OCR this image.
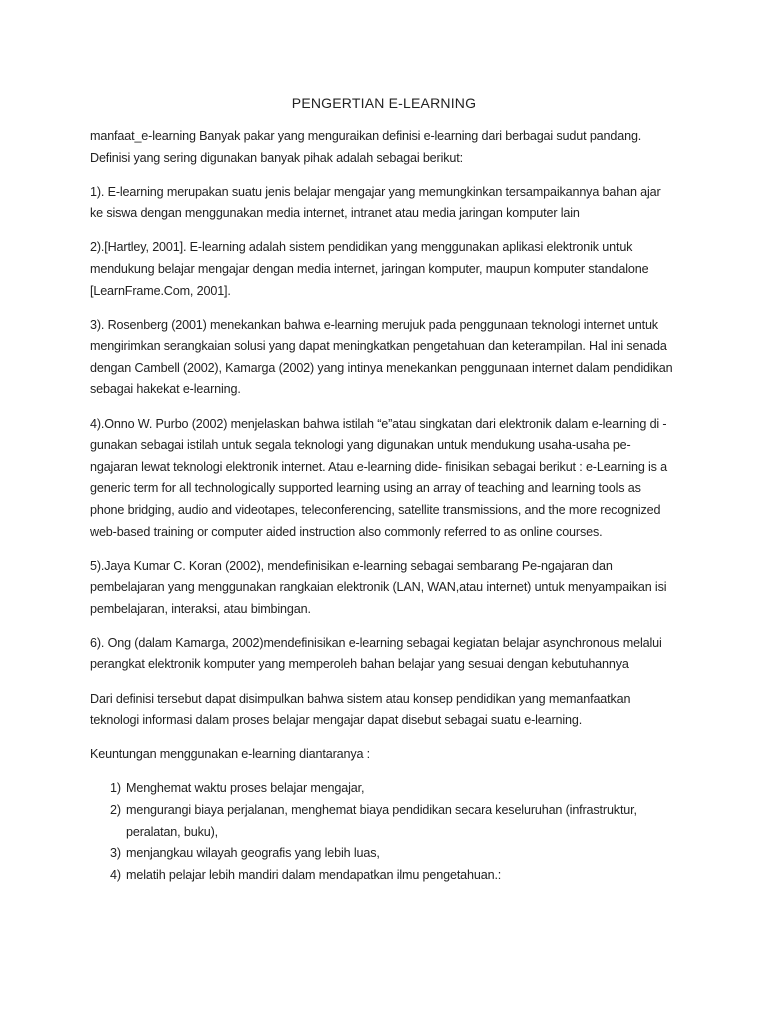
PENGERTIAN E-LEARNING

manfaat_e-learning Banyak pakar yang menguraikan definisi e-learning dari berbagai sudut pandang.
Definisi yang sering digunakan banyak pihak adalah sebagai berikut:

1). E-learning merupakan suatu jenis belajar mengajar yang memungkinkan tersampaikannya bahan ajar
ke siswa dengan menggunakan media internet, intranet atau media jaringan komputer lain

2).[Hartley, 2001]. E-learning adalah sistem pendidikan yang menggunakan aplikasi elektronik untuk
mendukung belajar mengajar dengan media internet, jaringan komputer, maupun komputer standalone
[LearnFrame.Com, 2001].

3). Rosenberg (2001) menekankan bahwa e-learning merujuk pada penggunaan teknologi internet untuk
mengirimkan serangkaian solusi yang dapat meningkatkan pengetahuan dan keterampilan. Hal ini senada
dengan Cambell (2002), Kamarga (2002) yang intinya menekankan penggunaan internet dalam pendidikan
sebagai hakekat e-learning.

4).Onno W. Purbo (2002) menjelaskan bahwa istilah “e”atau singkatan dari elektronik dalam e-learning di -
gunakan sebagai istilah untuk segala teknologi yang digunakan untuk mendukung usaha-usaha pe-
ngajaran lewat teknologi elektronik internet. Atau e-learning dide- finisikan sebagai berikut : e-Learning is a
generic term for all technologically supported learning using an array of teaching and learning tools as
phone bridging, audio and videotapes, teleconferencing, satellite transmissions, and the more recognized
web-based training or computer aided instruction also commonly referred to as online courses.

5).Jaya Kumar C. Koran (2002), mendefinisikan e-learning sebagai sembarang Pe-ngajaran dan
pembelajaran yang menggunakan rangkaian elektronik (LAN, WAN,atau internet) untuk menyampaikan isi
pembelajaran, interaksi, atau bimbingan.

6). Ong (dalam Kamarga, 2002)mendefinisikan e-learning sebagai kegiatan belajar asynchronous melalui
perangkat elektronik komputer yang memperoleh bahan belajar yang sesuai dengan kebutuhannya

Dari definisi tersebut dapat disimpulkan bahwa sistem atau konsep pendidikan yang memanfaatkan
teknologi informasi dalam proses belajar mengajar dapat disebut sebagai suatu e-learning.

Keuntungan menggunakan e-learning diantaranya :

1) Menghemat waktu proses belajar mengajar,
2) mengurangi biaya perjalanan, menghemat biaya pendidikan secara keseluruhan (infrastruktur,
peralatan, buku),
3) menjangkau wilayah geografis yang lebih luas,
4) melatih pelajar lebih mandiri dalam mendapatkan ilmu pengetahuan.:
